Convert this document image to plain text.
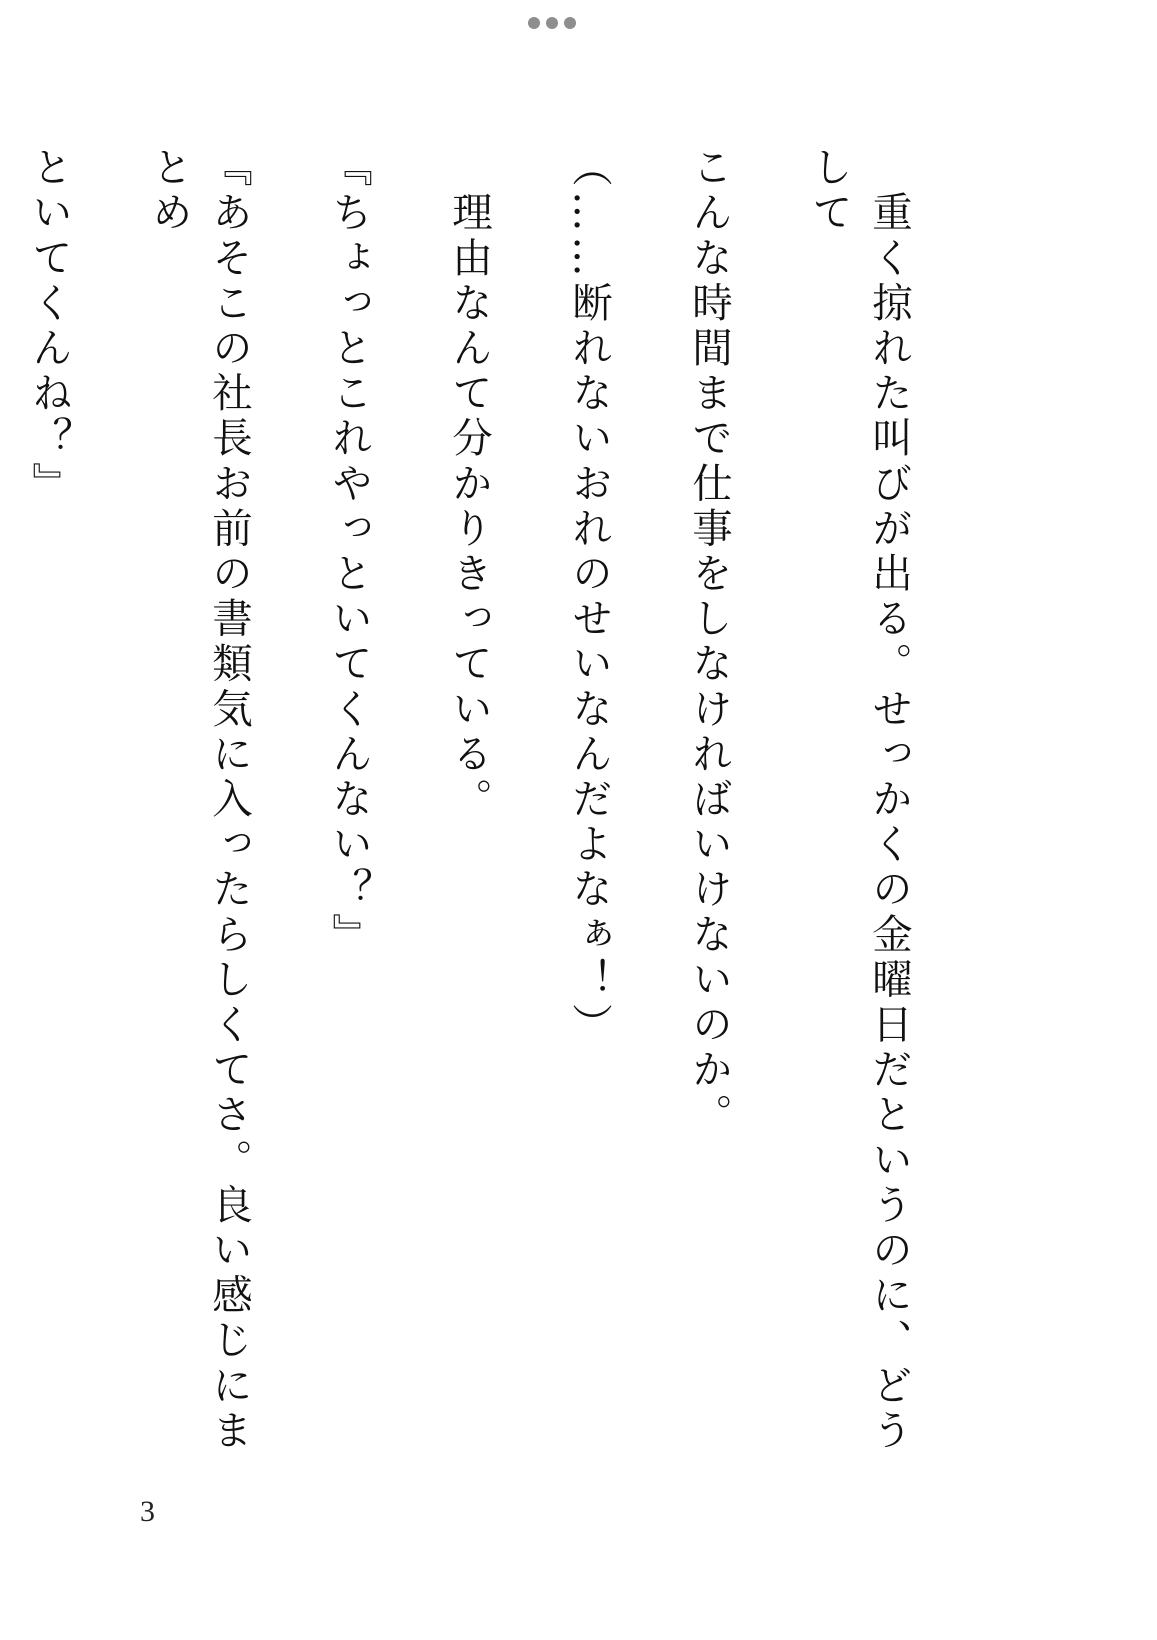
　重く掠れた叫びが出る。せっかくの金曜日だというのに、どうして

こんな時間まで仕事をしなければいけないのか。

（……断れないおれのせいなんだよなぁ！）

　理由なんて分かりきっている。

『ちょっとこれやっといてくんない？』

『あそこの社長お前の書類気に入ったらしくてさ。良い感じにまとめ

といてくんね？』

3
